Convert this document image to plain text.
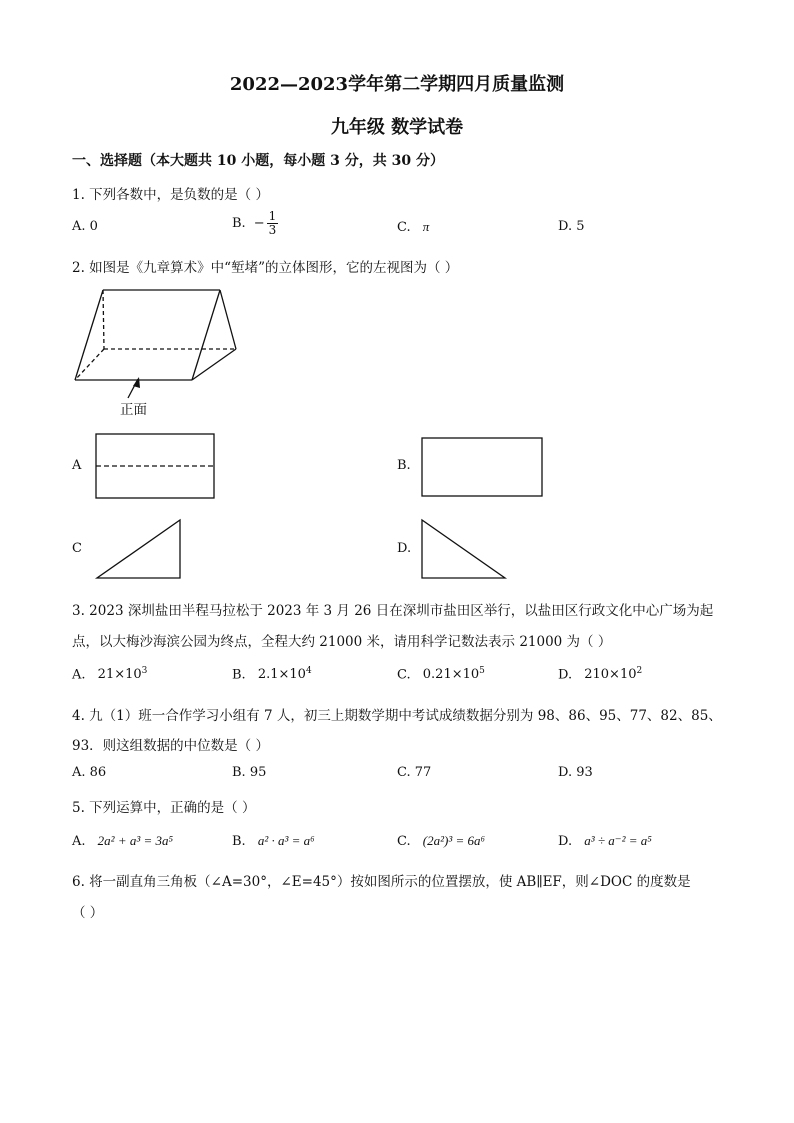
2022—2023学年第二学期四月质量监测
九年级 数学试卷
一、选择题（本大题共 10 小题，每小题 3 分，共 30 分）
1. 下列各数中，是负数的是（ ）
A. 0	B. − $\frac{1}{3}$	C. π	D. 5
2. 如图是《九章算术》中“堑堵”的立体图形，它的左视图为（ ）
正面
A	B.
C	D.
3. 2023 深圳盐田半程马拉松于 2023 年 3 月 26 日在深圳市盐田区举行，以盐田区行政文化中心广场为起
点，以大梅沙海滨公园为终点，全程大约 21000 米，请用科学记数法表示 21000 为（ ）
A. $21\times 10^3$	B. $2.1\times 10^4$	C. $0.21\times 10^5$	D. $210\times 10^2$
4. 九（1）班一合作学习小组有 7 人，初三上期数学期中考试成绩数据分别为 98、86、95、77、82、85、
93．则这组数据的中位数是（ ）
A. 86	B. 95	C. 77	D. 93
5. 下列运算中，正确的是（ ）
A. 2a² + a³ = 3a⁵	B. a² · a³ = a⁶	C. (2a²)³ = 6a⁶	D. a³ ÷ a⁻² = a⁵
6. 将一副直角三角板（∠A=30°，∠E=45°）按如图所示的位置摆放，使 AB∥EF，则∠DOC 的度数是
（ ）
